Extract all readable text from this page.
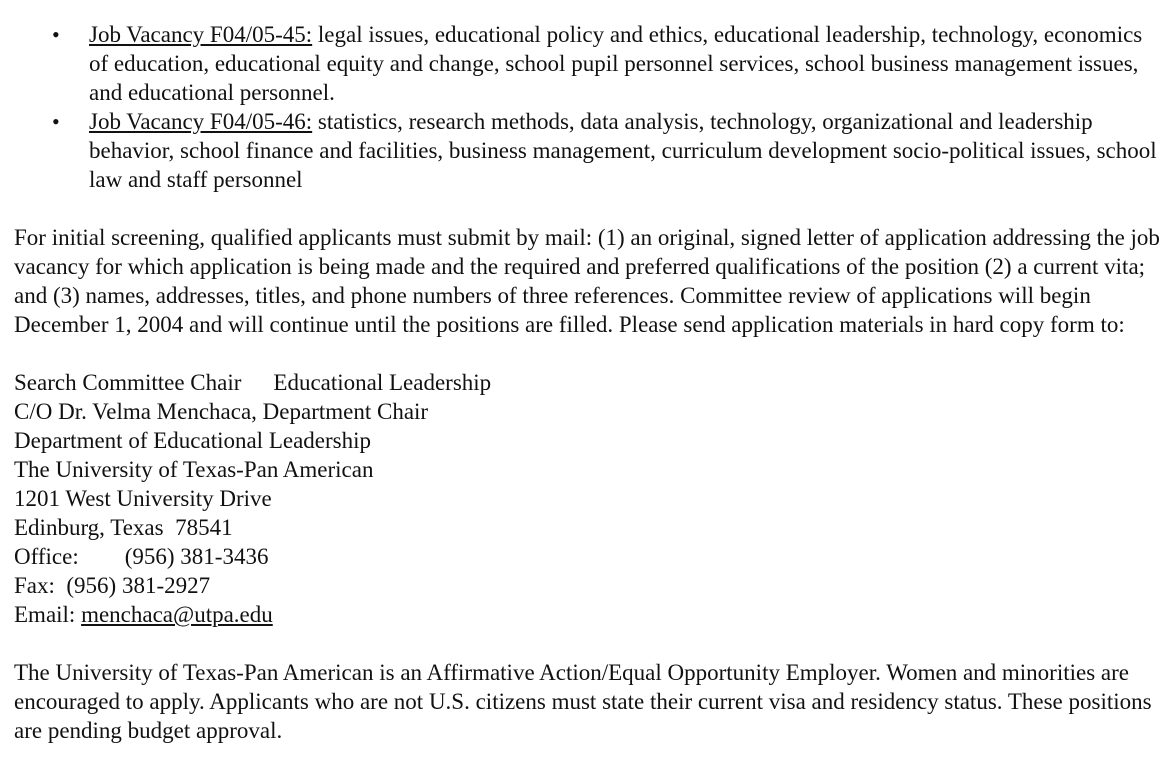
• Job Vacancy F04/05-45: legal issues, educational policy and ethics, educational leadership, technology, economics of education, educational equity and change, school pupil personnel services, school business management issues, and educational personnel.
• Job Vacancy F04/05-46: statistics, research methods, data analysis, technology, organizational and leadership behavior, school finance and facilities, business management, curriculum development socio-political issues, school law and staff personnel

For initial screening, qualified applicants must submit by mail: (1) an original, signed letter of application addressing the job vacancy for which application is being made and the required and preferred qualifications of the position (2) a current vita; and (3) names, addresses, titles, and phone numbers of three references. Committee review of applications will begin December 1, 2004 and will continue until the positions are filled. Please send application materials in hard copy form to:

Search Committee Chair Educational Leadership

C/O Dr. Velma Menchaca, Department Chair

Department of Educational Leadership

The University of Texas-Pan American

1201 West University Drive

Edinburg, Texas  78541

Office: (956) 381-3436

Fax: (956) 381-2927

Email: menchaca@utpa.edu

The University of Texas-Pan American is an Affirmative Action/Equal Opportunity Employer. Women and minorities are encouraged to apply. Applicants who are not U.S. citizens must state their current visa and residency status. These positions are pending budget approval.
